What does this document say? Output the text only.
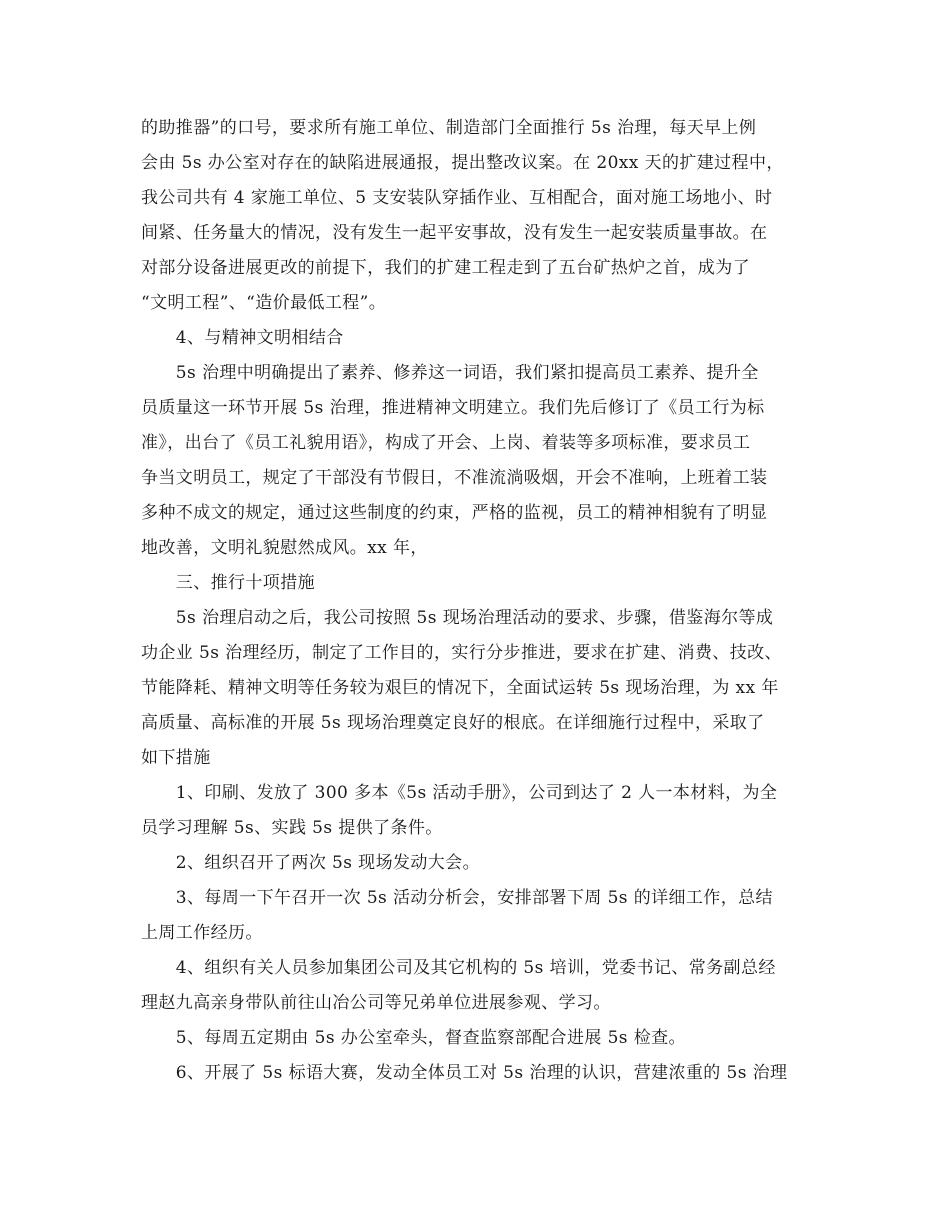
的助推器”的口号，要求所有施工单位、制造部门全面推行 5s 治理，每天早上例
会由 5s 办公室对存在的缺陷进展通报，提出整改议案。在 20xx 天的扩建过程中，
我公司共有 4 家施工单位、5 支安装队穿插作业、互相配合，面对施工场地小、时
间紧、任务量大的情况，没有发生一起平安事故，没有发生一起安装质量事故。在
对部分设备进展更改的前提下，我们的扩建工程走到了五台矿热炉之首，成为了
“文明工程”、“造价最低工程”。
　　4、与精神文明相结合
　　5s 治理中明确提出了素养、修养这一词语，我们紧扣提高员工素养、提升全
员质量这一环节开展 5s 治理，推进精神文明建立。我们先后修订了《员工行为标
准》，出台了《员工礼貌用语》，构成了开会、上岗、着装等多项标准，要求员工
争当文明员工，规定了干部没有节假日，不准流淌吸烟，开会不准响，上班着工装
多种不成文的规定，通过这些制度的约束，严格的监视，员工的精神相貌有了明显
地改善，文明礼貌慰然成风。xx 年，
　　三、推行十项措施
　　5s 治理启动之后，我公司按照 5s 现场治理活动的要求、步骤，借鉴海尔等成
功企业 5s 治理经历，制定了工作目的，实行分步推进，要求在扩建、消费、技改、
节能降耗、精神文明等任务较为艰巨的情况下，全面试运转 5s 现场治理，为 xx 年
高质量、高标准的开展 5s 现场治理奠定良好的根底。在详细施行过程中，采取了
如下措施
　　1、印刷、发放了 300 多本《5s 活动手册》，公司到达了 2 人一本材料，为全
员学习理解 5s、实践 5s 提供了条件。
　　2、组织召开了两次 5s 现场发动大会。
　　3、每周一下午召开一次 5s 活动分析会，安排部署下周 5s 的详细工作，总结
上周工作经历。
　　4、组织有关人员参加集团公司及其它机构的 5s 培训，党委书记、常务副总经
理赵九高亲身带队前往山冶公司等兄弟单位进展参观、学习。
　　5、每周五定期由 5s 办公室牵头，督查监察部配合进展 5s 检查。
　　6、开展了 5s 标语大赛，发动全体员工对 5s 治理的认识，营建浓重的 5s 治理
